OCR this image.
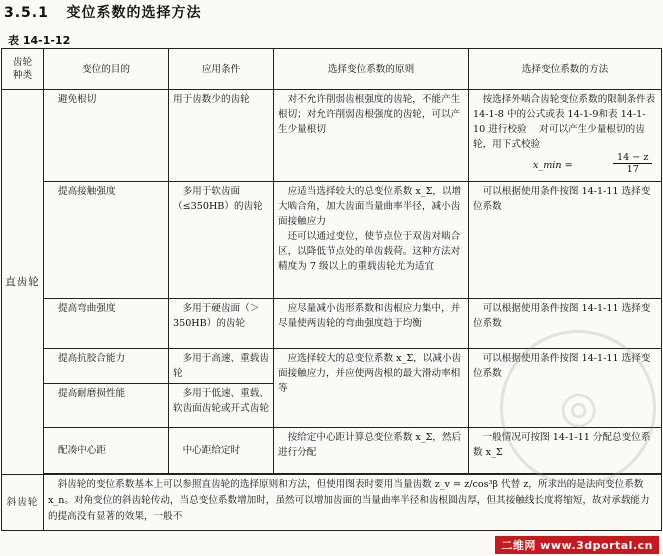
3.5.1 变位系数的选择方法
表 14-1-12
齿轮
种类	变位的目的	应用条件	选择变位系数的原则	选择变位系数的方法
直齿轮	避免根切	用于齿数少的齿轮	　对不允许削弱齿根强度的齿轮，不能产生根切；对允许削弱齿根强度的齿轮，可以产生少量根切	　按选择外啮合齿轮变位系数的限制条件表 14-1-8 中的公式或表 14-1-9和表 14-1-10 进行校验 　对可以产生少量根切的齿轮，用下式校验
x_min = $\frac{14 - z}{17}$

	提高接触强度	　多用于软齿面（≤350HB）的齿轮	　应适当选择较大的总变位系数 x_Σ，以增大啮合角，加大齿面当量曲率半径，减小齿面接触应力
　还可以通过变位，使节点位于双齿对啮合区，以降低节点处的单齿载荷。这种方法对精度为 7 级以上的重载齿轮尤为适宜	　可以根据使用条件按图 14-1-11 选择变位系数
	提高弯曲强度	　多用于硬齿面（＞350HB）的齿轮	　应尽量减小齿形系数和齿根应力集中，并尽量使两齿轮的弯曲强度趋于均衡	　可以根据使用条件按图 14-1-11 选择变位系数
	提高抗胶合能力	　多用于高速、重载齿轮	　应选择较大的总变位系数 x_Σ，以减小齿面接触应力，并应使两齿根的最大滑动率相等	　可以根据使用条件按图 14-1-11 选择变位系数
	提高耐磨损性能	　多用于低速、重载、软齿面齿轮或开式齿轮		
	配凑中心距	　中心距给定时	　按给定中心距计算总变位系数 x_Σ，然后进行分配	　一般情况可按图 14-1-11 分配总变位系数 x_Σ

斜齿轮	　斜齿轮的变位系数基本上可以参照直齿轮的选择原则和方法，但使用图表时要用当量齿数 z_v = z/cos³β 代替 z，所求出的是法向变位系数 x_n。对角变位的斜齿轮传动，当总变位系数增加时，虽然可以增加齿面的当量曲率半径和齿根圆齿厚，但其接触线长度将缩短，故对承载能力的提高没有显著的效果，一般不			
◎
二维网 www.3dportal.cn
